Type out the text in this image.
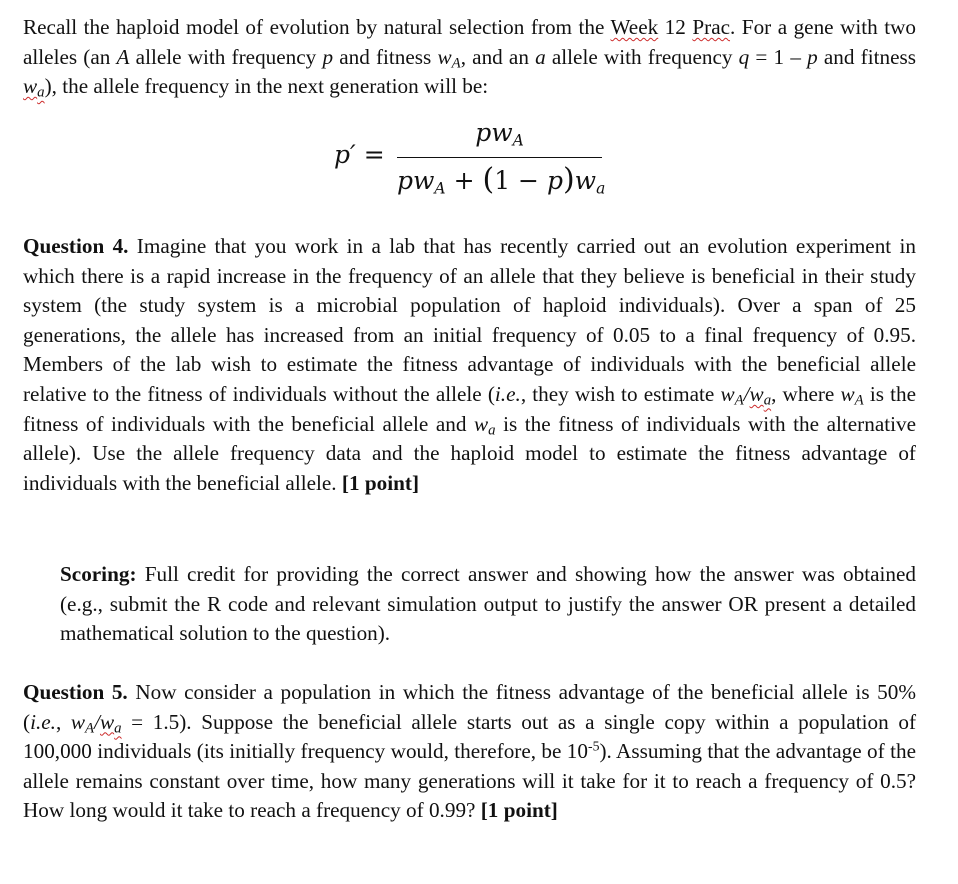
Recall the haploid model of evolution by natural selection from the Week 12 Prac. For a gene with two alleles (an A allele with frequency p and fitness $w_A$, and an a allele with frequency q = 1 – p and fitness $w_a$), the allele frequency in the next generation will be:

p′ =
$pw_A$
$pw_A + (1 - p)w_a$

Question 4. Imagine that you work in a lab that has recently carried out an evolution experiment in which there is a rapid increase in the frequency of an allele that they believe is beneficial in their study system (the study system is a microbial population of haploid individuals). Over a span of 25 generations, the allele has increased from an initial frequency of 0.05 to a final frequency of 0.95. Members of the lab wish to estimate the fitness advantage of individuals with the beneficial allele relative to the fitness of individuals without the allele (i.e., they wish to estimate $w_A/w_a$, where $w_A$ is the fitness of individuals with the beneficial allele and $w_a$ is the fitness of individuals with the alternative allele). Use the allele frequency data and the haploid model to estimate the fitness advantage of individuals with the beneficial allele. [1 point]

Scoring: Full credit for providing the correct answer and showing how the answer was obtained (e.g., submit the R code and relevant simulation output to justify the answer OR present a detailed mathematical solution to the question).

Question 5. Now consider a population in which the fitness advantage of the beneficial allele is 50% (i.e., $w_A/w_a = 1.5$). Suppose the beneficial allele starts out as a single copy within a population of 100,000 individuals (its initially frequency would, therefore, be $10^{-5}$). Assuming that the advantage of the allele remains constant over time, how many generations will it take for it to reach a frequency of 0.5? How long would it take to reach a frequency of 0.99? [1 point]
